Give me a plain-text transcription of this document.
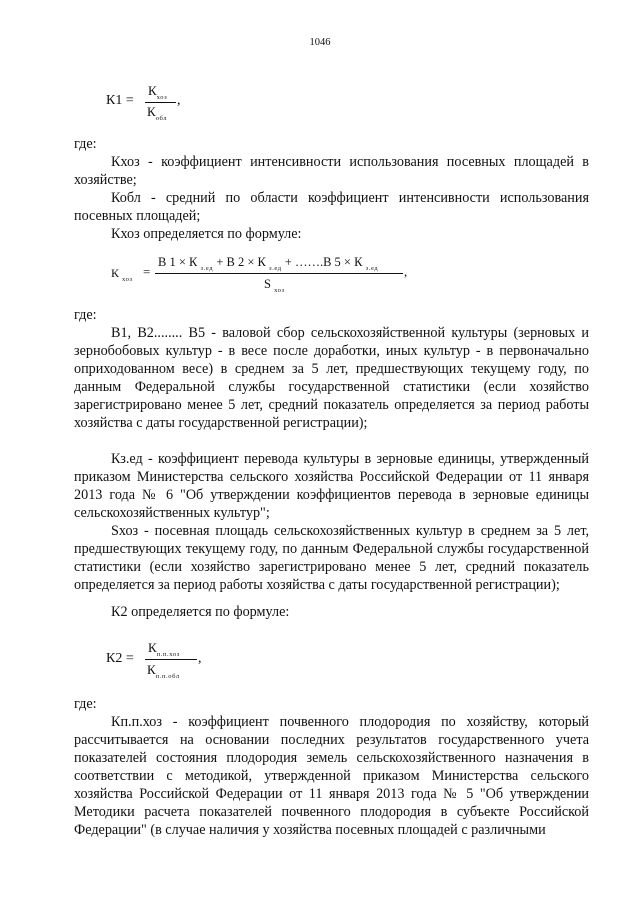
1046
К1 =
$К_{хоз}$
$К_{обл}$
,
где:

Кхоз - коэффициент интенсивности использования посевных площадей в хозяйстве;

Кобл - средний по области коэффициент интенсивности использования посевных площадей;

Кхоз определяется по формуле:
К $_{хоз}$
=
В 1 × К $_{з.ед}$ + В 2 × К $_{з.ед}$ + …….В 5 × К $_{з.ед}$
S $_{хоз}$
,
где:

В1, В2........ В5 - валовой сбор сельскохозяйственной культуры (зерновых и зернобобовых культур - в весе после доработки, иных культур - в первоначально оприходованном весе) в среднем за 5 лет, предшествующих текущему году, по данным Федеральной службы государственной статистики (если хозяйство зарегистрировано менее 5 лет, средний показатель определяется за период работы хозяйства с даты государственной регистрации);

Кз.ед - коэффициент перевода культуры в зерновые единицы, утвержденный приказом Министерства сельского хозяйства Российской Федерации от 11 января 2013 года № 6 "Об утверждении коэффициентов перевода в зерновые единицы сельскохозяйственных культур";

Sхоз - посевная площадь сельскохозяйственных культур в среднем за 5 лет, предшествующих текущему году, по данным Федеральной службы государственной статистики (если хозяйство зарегистрировано менее 5 лет, средний показатель определяется за период работы хозяйства с даты государственной регистрации);

К2 определяется по формуле:
К2 =
$К_{п.п.хоз}$
$К_{п.п.обл}$
,
где:

Кп.п.хоз - коэффициент почвенного плодородия по хозяйству, который рассчитывается на основании последних результатов государственного учета показателей состояния плодородия земель сельскохозяйственного назначения в соответствии с методикой, утвержденной приказом Министерства сельского хозяйства Российской Федерации от 11 января 2013 года № 5 "Об утверждении Методики расчета показателей почвенного плодородия в субъекте Российской Федерации" (в случае наличия у хозяйства посевных площадей с различными
